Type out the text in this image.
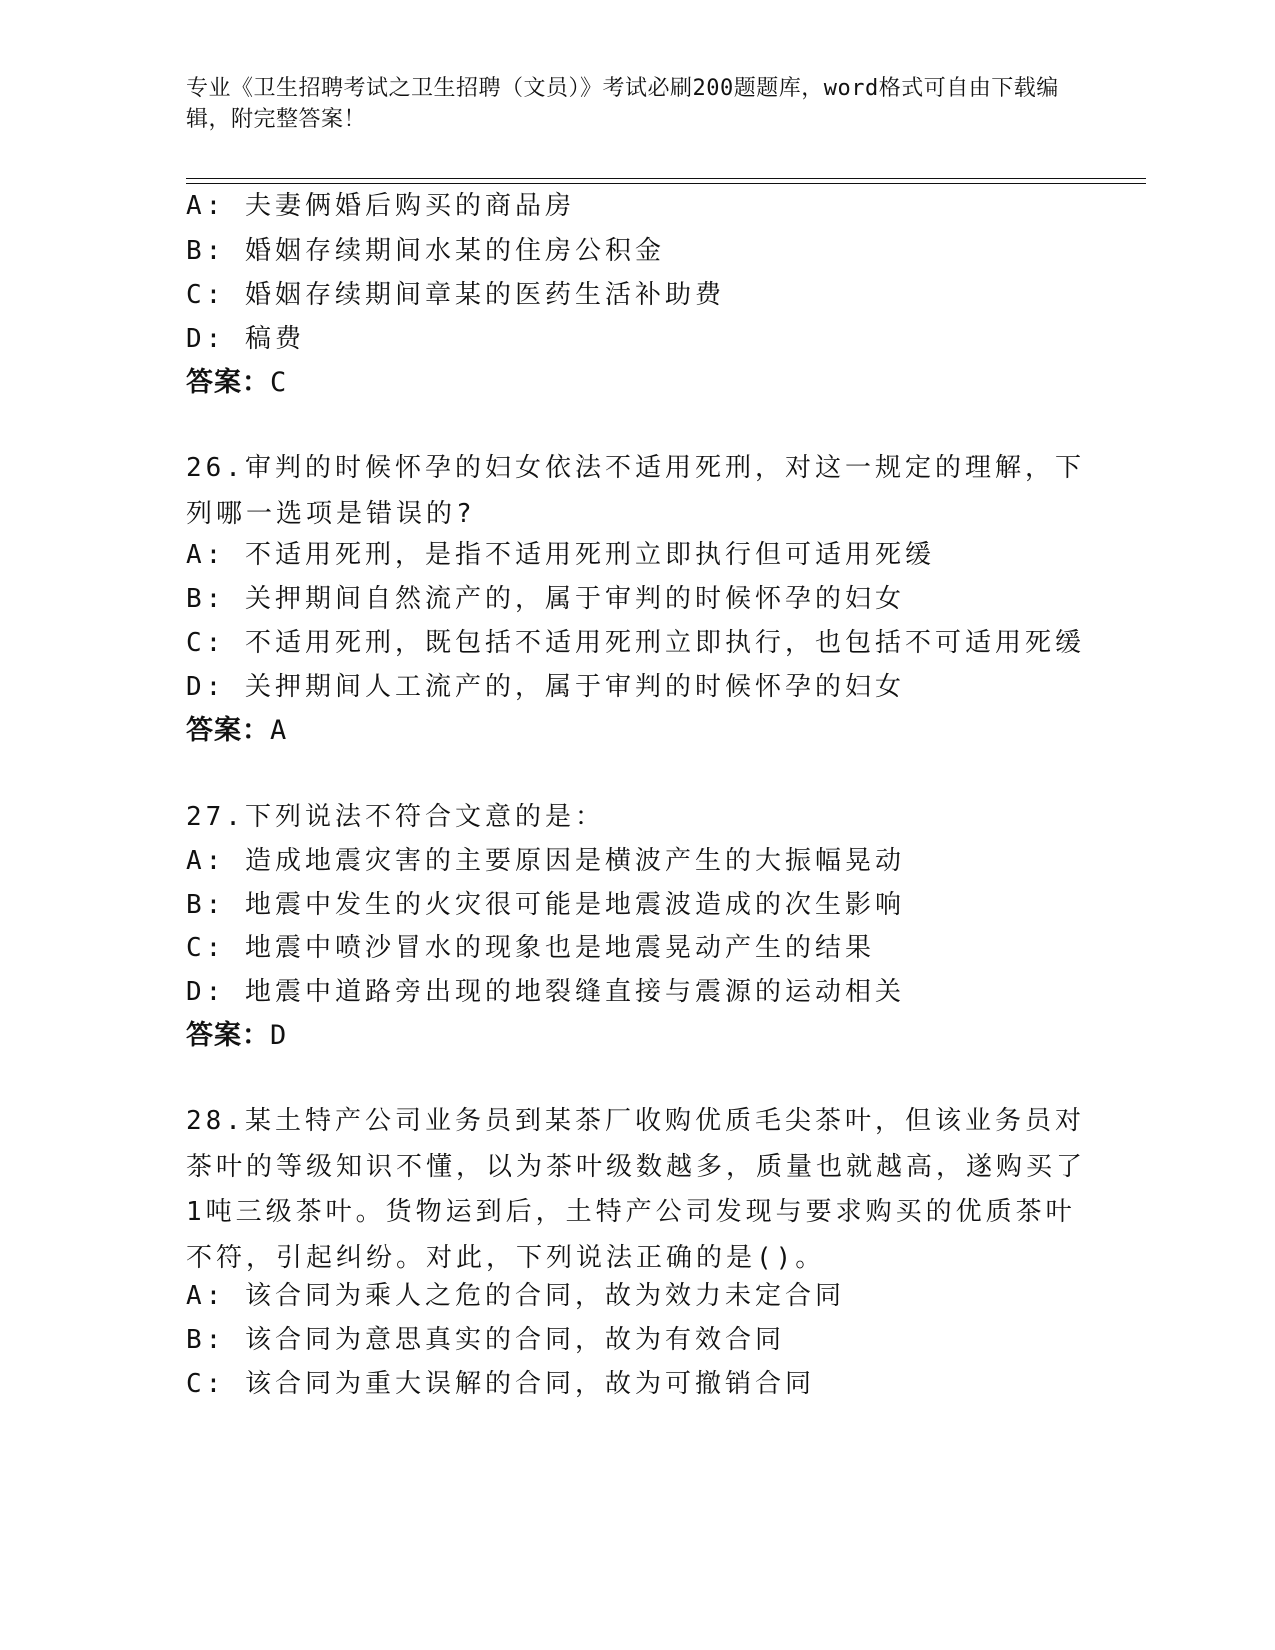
专业《卫生招聘考试之卫生招聘（文员）》考试必刷200题题库，word格式可自由下载编辑，附完整答案！
A: 夫妻俩婚后购买的商品房
B: 婚姻存续期间水某的住房公积金
C: 婚姻存续期间章某的医药生活补助费
D: 稿费
答案：C
26.审判的时候怀孕的妇女依法不适用死刑，对这一规定的理解，下列哪一选项是错误的?
A: 不适用死刑，是指不适用死刑立即执行但可适用死缓
B: 关押期间自然流产的，属于审判的时候怀孕的妇女
C: 不适用死刑，既包括不适用死刑立即执行，也包括不可适用死缓
D: 关押期间人工流产的，属于审判的时候怀孕的妇女
答案：A
27.下列说法不符合文意的是：
A: 造成地震灾害的主要原因是横波产生的大振幅晃动
B: 地震中发生的火灾很可能是地震波造成的次生影响
C: 地震中喷沙冒水的现象也是地震晃动产生的结果
D: 地震中道路旁出现的地裂缝直接与震源的运动相关
答案：D
28.某土特产公司业务员到某茶厂收购优质毛尖茶叶，但该业务员对茶叶的等级知识不懂，以为茶叶级数越多，质量也就越高，遂购买了1吨三级茶叶。货物运到后，土特产公司发现与要求购买的优质茶叶不符，引起纠纷。对此，下列说法正确的是()。
A: 该合同为乘人之危的合同，故为效力未定合同
B: 该合同为意思真实的合同，故为有效合同
C: 该合同为重大误解的合同，故为可撤销合同
